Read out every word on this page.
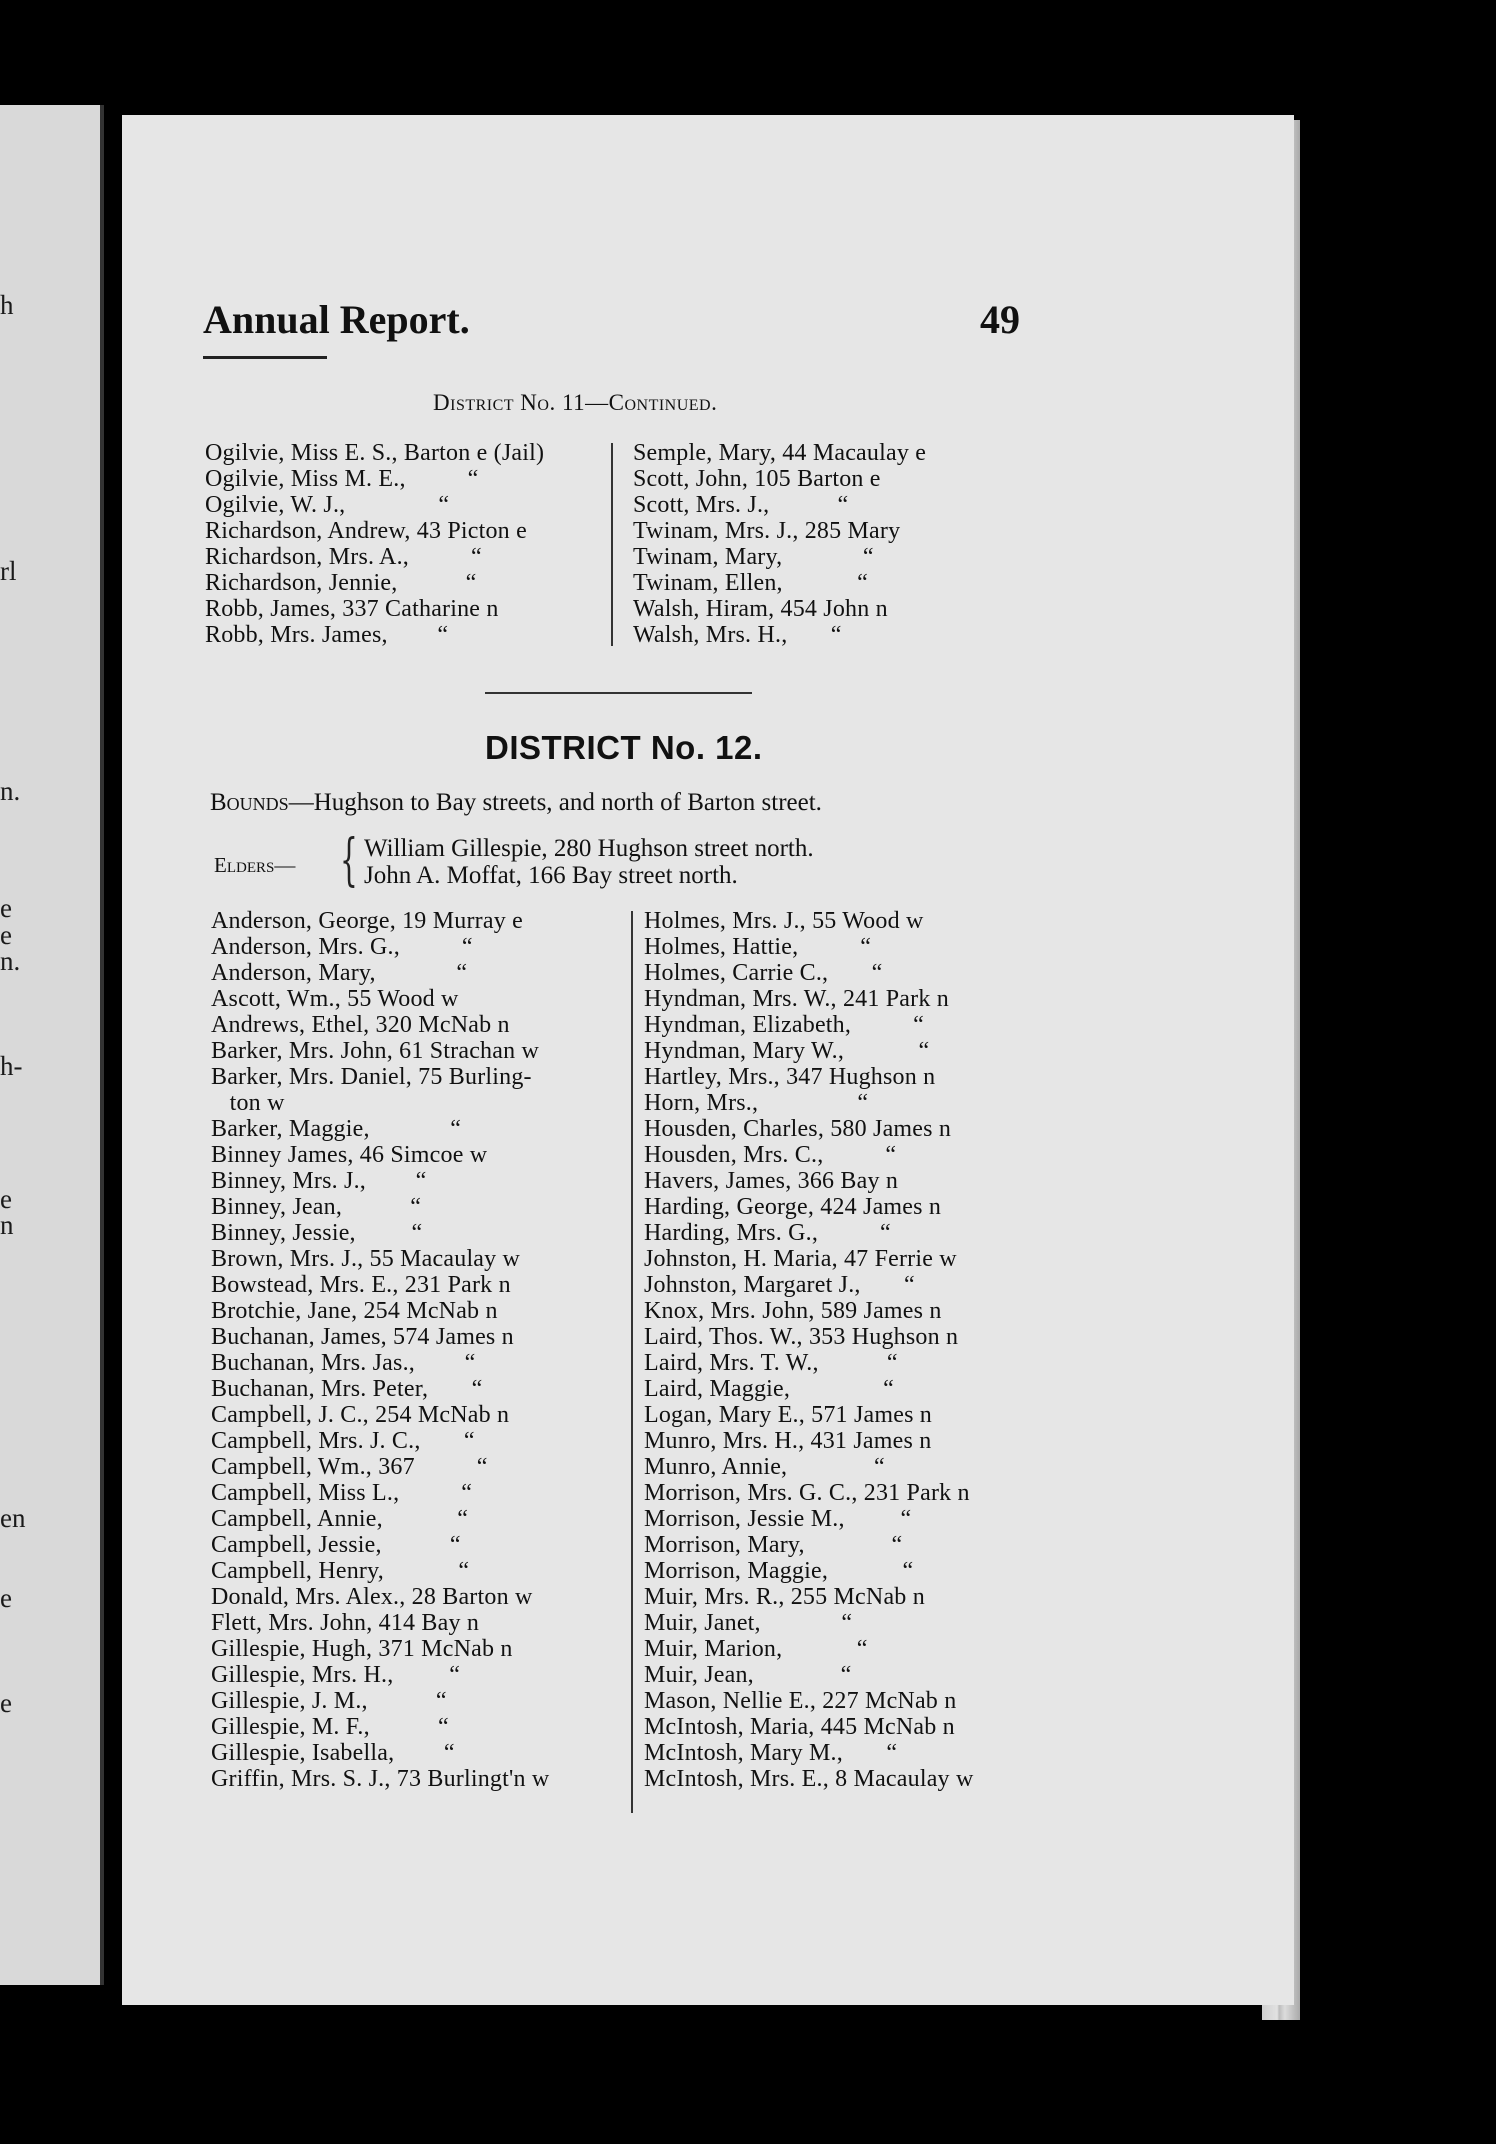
h
rl
n.
e
e
n.
h-
e
n
en
e
e
Annual Report.	49
District No. 11—Continued.
Ogilvie, Miss E. S., Barton e (Jail)
Ogilvie, Miss M. E.,          “
Ogilvie, W. J.,               “
Richardson, Andrew, 43 Picton e
Richardson, Mrs. A.,          “
Richardson, Jennie,           “
Robb, James, 337 Catharine n
Robb, Mrs. James,        “
Semple, Mary, 44 Macaulay e
Scott, John, 105 Barton e
Scott, Mrs. J.,           “
Twinam, Mrs. J., 285 Mary
Twinam, Mary,             “
Twinam, Ellen,            “
Walsh, Hiram, 454 John n
Walsh, Mrs. H.,       “
DISTRICT No. 12.
Bounds—Hughson to Bay streets, and north of Barton street.
Elders— { William Gillespie, 280 Hughson street north.
John A. Moffat, 166 Bay street north.
Anderson, George, 19 Murray e
Anderson, Mrs. G.,          “
Anderson, Mary,             “
Ascott, Wm., 55 Wood w
Andrews, Ethel, 320 McNab n
Barker, Mrs. John, 61 Strachan w
Barker, Mrs. Daniel, 75 Burling-
ton w
Barker, Maggie,             “
Binney James, 46 Simcoe w
Binney, Mrs. J.,        “
Binney, Jean,           “
Binney, Jessie,         “
Brown, Mrs. J., 55 Macaulay w
Bowstead, Mrs. E., 231 Park n
Brotchie, Jane, 254 McNab n
Buchanan, James, 574 James n
Buchanan, Mrs. Jas.,        “
Buchanan, Mrs. Peter,       “
Campbell, J. C., 254 McNab n
Campbell, Mrs. J. C.,       “
Campbell, Wm., 367          “
Campbell, Miss L.,          “
Campbell, Annie,            “
Campbell, Jessie,           “
Campbell, Henry,            “
Donald, Mrs. Alex., 28 Barton w
Flett, Mrs. John, 414 Bay n
Gillespie, Hugh, 371 McNab n
Gillespie, Mrs. H.,         “
Gillespie, J. M.,           “
Gillespie, M. F.,           “
Gillespie, Isabella,        “
Griffin, Mrs. S. J., 73 Burlingt'n w
Holmes, Mrs. J., 55 Wood w
Holmes, Hattie,          “
Holmes, Carrie C.,       “
Hyndman, Mrs. W., 241 Park n
Hyndman, Elizabeth,          “
Hyndman, Mary W.,            “
Hartley, Mrs., 347 Hughson n
Horn, Mrs.,                “
Housden, Charles, 580 James n
Housden, Mrs. C.,          “
Havers, James, 366 Bay n
Harding, George, 424 James n
Harding, Mrs. G.,          “
Johnston, H. Maria, 47 Ferrie w
Johnston, Margaret J.,       “
Knox, Mrs. John, 589 James n
Laird, Thos. W., 353 Hughson n
Laird, Mrs. T. W.,           “
Laird, Maggie,               “
Logan, Mary E., 571 James n
Munro, Mrs. H., 431 James n
Munro, Annie,              “
Morrison, Mrs. G. C., 231 Park n
Morrison, Jessie M.,         “
Morrison, Mary,              “
Morrison, Maggie,            “
Muir, Mrs. R., 255 McNab n
Muir, Janet,             “
Muir, Marion,            “
Muir, Jean,              “
Mason, Nellie E., 227 McNab n
McIntosh, Maria, 445 McNab n
McIntosh, Mary M.,       “
McIntosh, Mrs. E., 8 Macaulay w
